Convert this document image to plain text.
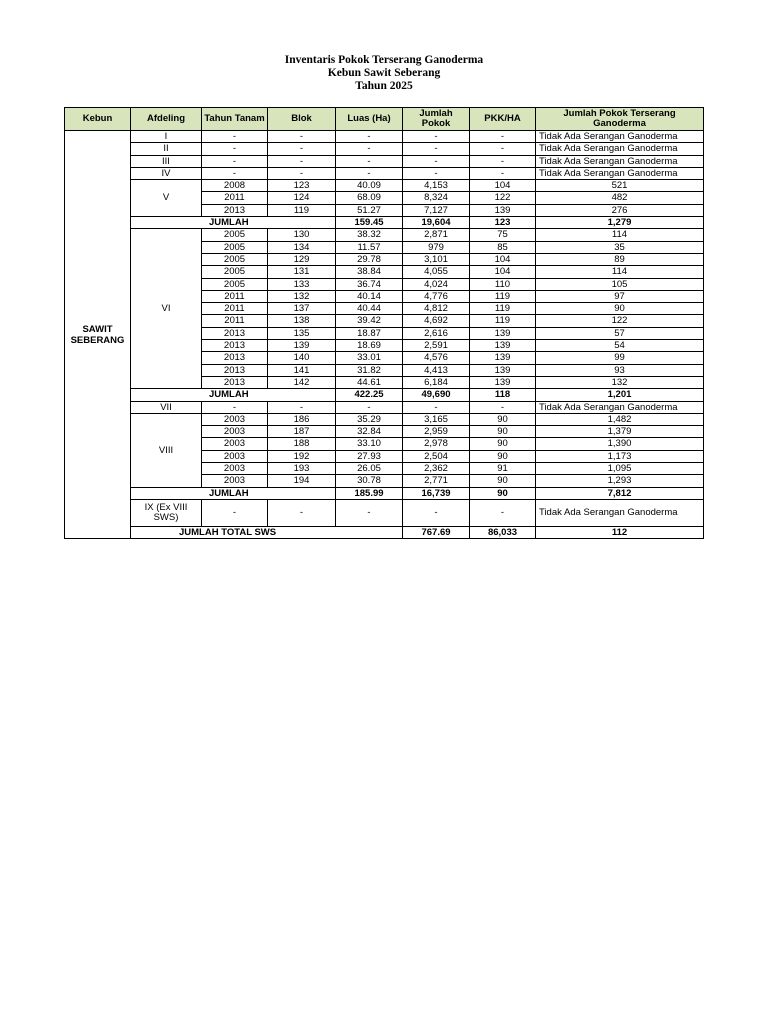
Inventaris Pokok Terserang Ganoderma
Kebun Sawit Seberang
Tahun 2025
Kebun	Afdeling	Tahun Tanam	Blok	Luas (Ha)	Jumlah Pokok	PKK/HA	Jumlah Pokok Terserang Ganoderma	
SAWIT SEBERANG	I	-	-	-	-	-	Tidak Ada Serangan Ganoderma	
	II	-	-	-	-	-	Tidak Ada Serangan Ganoderma	
	III	-	-	-	-	-	Tidak Ada Serangan Ganoderma	
	IV	-	-	-	-	-	Tidak Ada Serangan Ganoderma	
	V	2008	123	40.09	4,153	104	521	
		2011	124	68.09	8,324	122	482	
		2013	119	51.27	7,127	139	276	
	JUMLAH			159.45	19,604	123	1,279	
	VI	2005	130	38.32	2,871	75	114	
		2005	134	11.57	979	85	35	
		2005	129	29.78	3,101	104	89	
		2005	131	38.84	4,055	104	114	
		2005	133	36.74	4,024	110	105	
		2011	132	40.14	4,776	119	97	
		2011	137	40.44	4,812	119	90	
		2011	138	39.42	4,692	119	122	
		2013	135	18.87	2,616	139	57	
		2013	139	18.69	2,591	139	54	
		2013	140	33.01	4,576	139	99	
		2013	141	31.82	4,413	139	93	
		2013	142	44.61	6,184	139	132	
	JUMLAH			422.25	49,690	118	1,201	
	VII	-	-	-	-	-	Tidak Ada Serangan Ganoderma	
	VIII	2003	186	35.29	3,165	90	1,482	
		2003	187	32.84	2,959	90	1,379	
		2003	188	33.10	2,978	90	1,390	
		2003	192	27.93	2,504	90	1,173	
		2003	193	26.05	2,362	91	1,095	
		2003	194	30.78	2,771	90	1,293	
	JUMLAH			185.99	16,739	90	7,812	
	IX (Ex VIII SWS)	-	-	-	-	-	Tidak Ada Serangan Ganoderma	
	JUMLAH TOTAL SWS				767.69	86,033	112	
